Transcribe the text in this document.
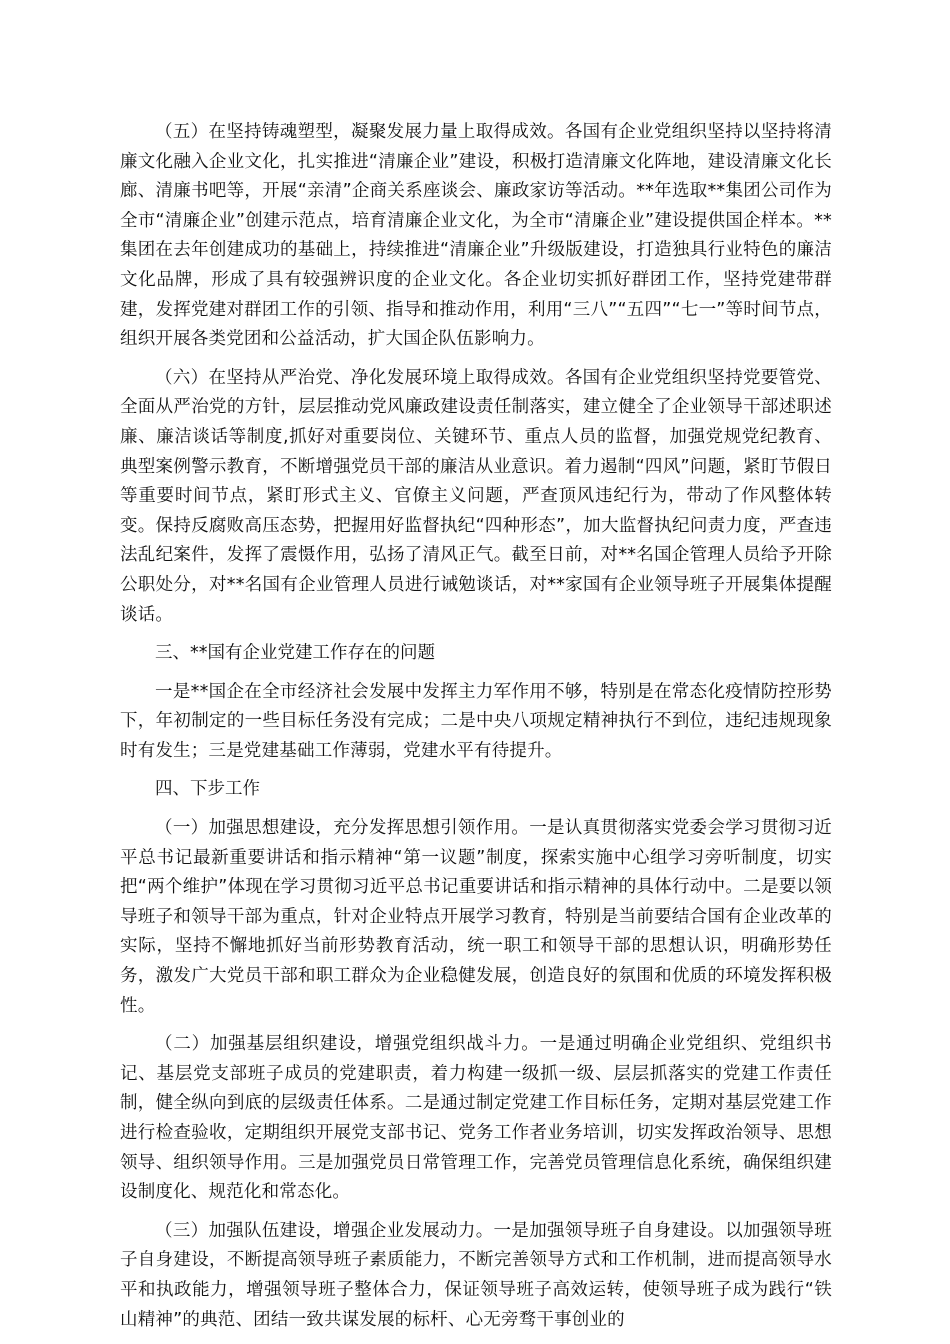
（五）在坚持铸魂塑型，凝聚发展力量上取得成效。各国有企业党组织坚持以坚持将清廉文化融入企业文化，扎实推进“清廉企业”建设，积极打造清廉文化阵地，建设清廉文化长廊、清廉书吧等，开展“亲清”企商关系座谈会、廉政家访等活动。**年选取**集团公司作为全市“清廉企业”创建示范点，培育清廉企业文化，为全市“清廉企业”建设提供国企样本。**集团在去年创建成功的基础上，持续推进“清廉企业”升级版建设，打造独具行业特色的廉洁文化品牌，形成了具有较强辨识度的企业文化。各企业切实抓好群团工作，坚持党建带群建，发挥党建对群团工作的引领、指导和推动作用，利用“三八”“五四”“七一”等时间节点，组织开展各类党团和公益活动，扩大国企队伍影响力。

（六）在坚持从严治党、净化发展环境上取得成效。各国有企业党组织坚持党要管党、全面从严治党的方针，层层推动党风廉政建设责任制落实，建立健全了企业领导干部述职述廉、廉洁谈话等制度,抓好对重要岗位、关键环节、重点人员的监督，加强党规党纪教育、典型案例警示教育，不断增强党员干部的廉洁从业意识。着力遏制“四风”问题，紧盯节假日等重要时间节点，紧盯形式主义、官僚主义问题，严查顶风违纪行为，带动了作风整体转变。保持反腐败高压态势，把握用好监督执纪“四种形态”，加大监督执纪问责力度，严查违法乱纪案件，发挥了震慑作用，弘扬了清风正气。截至日前，对**名国企管理人员给予开除公职处分，对**名国有企业管理人员进行诫勉谈话，对**家国有企业领导班子开展集体提醒谈话。

三、**国有企业党建工作存在的问题

一是**国企在全市经济社会发展中发挥主力军作用不够，特别是在常态化疫情防控形势下，年初制定的一些目标任务没有完成；二是中央八项规定精神执行不到位，违纪违规现象时有发生；三是党建基础工作薄弱，党建水平有待提升。

四、下步工作

（一）加强思想建设，充分发挥思想引领作用。一是认真贯彻落实党委会学习贯彻习近平总书记最新重要讲话和指示精神“第一议题”制度，探索实施中心组学习旁听制度，切实把“两个维护”体现在学习贯彻习近平总书记重要讲话和指示精神的具体行动中。二是要以领导班子和领导干部为重点，针对企业特点开展学习教育，特别是当前要结合国有企业改革的实际，坚持不懈地抓好当前形势教育活动，统一职工和领导干部的思想认识，明确形势任务，激发广大党员干部和职工群众为企业稳健发展，创造良好的氛围和优质的环境发挥积极性。

（二）加强基层组织建设，增强党组织战斗力。一是通过明确企业党组织、党组织书记、基层党支部班子成员的党建职责，着力构建一级抓一级、层层抓落实的党建工作责任制，健全纵向到底的层级责任体系。二是通过制定党建工作目标任务，定期对基层党建工作进行检查验收，定期组织开展党支部书记、党务工作者业务培训，切实发挥政治领导、思想领导、组织领导作用。三是加强党员日常管理工作，完善党员管理信息化系统，确保组织建设制度化、规范化和常态化。

（三）加强队伍建设，增强企业发展动力。一是加强领导班子自身建设。以加强领导班子自身建设，不断提高领导班子素质能力，不断完善领导方式和工作机制，进而提高领导水平和执政能力，增强领导班子整体合力，保证领导班子高效运转，使领导班子成为践行“铁山精神”的典范、团结一致共谋发展的标杆、心无旁骛干事创业的
